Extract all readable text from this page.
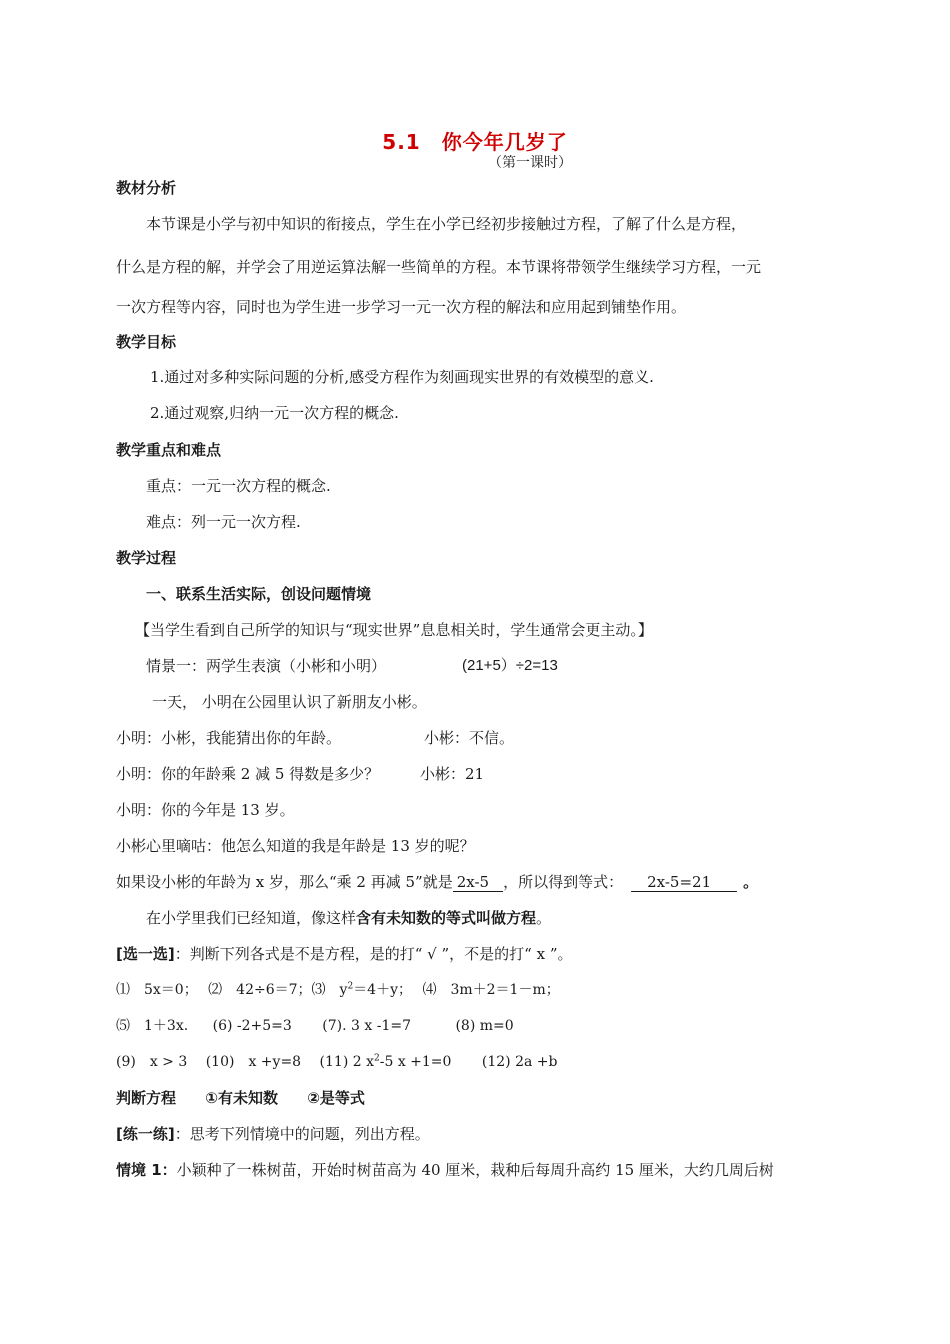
5.1　你今年几岁了
（第一课时）
教材分析
本节课是小学与初中知识的衔接点，学生在小学已经初步接触过方程，了解了什么是方程，
什么是方程的解，并学会了用逆运算法解一些简单的方程。本节课将带领学生继续学习方程，一元
一次方程等内容，同时也为学生进一步学习一元一次方程的解法和应用起到铺垫作用。
教学目标
1.通过对多种实际问题的分析,感受方程作为刻画现实世界的有效模型的意义.
2.通过观察,归纳一元一次方程的概念.
教学重点和难点
重点：一元一次方程的概念.
难点：列一元一次方程.
教学过程
一、联系生活实际，创设问题情境
【当学生看到自己所学的知识与“现实世界”息息相关时，学生通常会更主动。】
情景一：两学生表演（小彬和小明）	(21+5）÷2=13
一天， 小明在公园里认识了新朋友小彬。
小明：小彬，我能猜出你的年龄。	小彬：不信。
小明：你的年龄乘 2 减 5 得数是多少？	小彬：21
小明：你的今年是 13 岁。
小彬心里嘀咕：他怎么知道的我是年龄是 13 岁的呢？
如果设小彬的年龄为 x 岁，那么“乘 2 再减 5”就是 2x-5 ，所以得到等式： 2x-5=21 。
在小学里我们已经知道，像这样含有未知数的等式叫做方程。
[选一选]：判断下列各式是不是方程，是的打“ √ ”，不是的打“ x ”。
⑴　5x＝0； ⑵　42÷6＝7；⑶　$y^2=4+y$； ⑷　3m＋2＝1－m；
⑸　1＋3x. (6) -2+5=3 (7). 3 x -1=7	(8) m=0
(9)　x > 3 (10)　x +y=8 (11) 2 $x^2-5$ x +1=0 (12) 2a +b
判断方程 ①有未知数 ②是等式
[练一练]：思考下列情境中的问题，列出方程。
情境 1：小颖种了一株树苗，开始时树苗高为 40 厘米，栽种后每周升高约 15 厘米，大约几周后树
